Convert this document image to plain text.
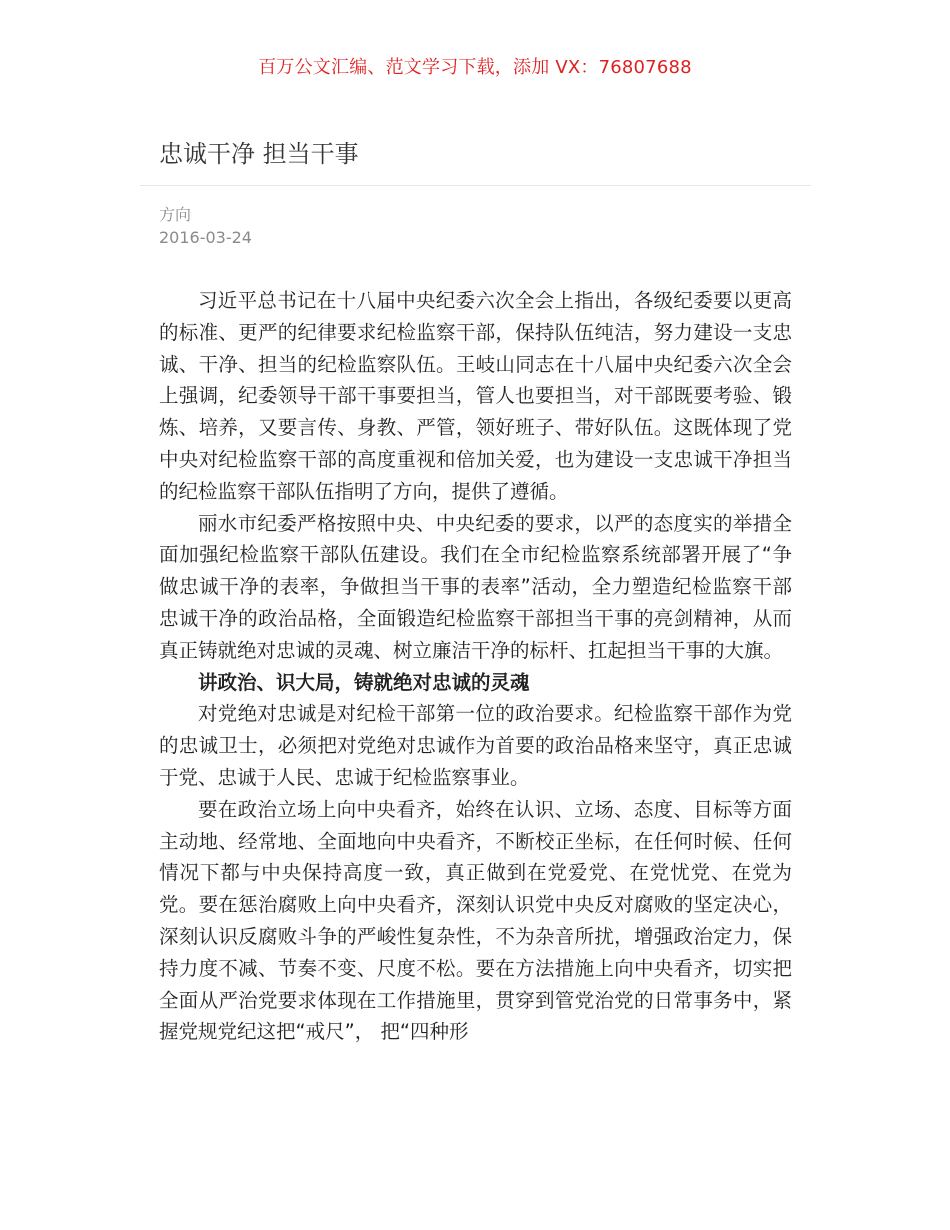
百万公文汇编、范文学习下载，添加 VX：76807688
忠诚干净 担当干事
方向
2016-03-24

习近平总书记在十八届中央纪委六次全会上指出，各级纪委要以更高的标准、更严的纪律要求纪检监察干部，保持队伍纯洁，努力建设一支忠诚、干净、担当的纪检监察队伍。王岐山同志在十八届中央纪委六次全会上强调，纪委领导干部干事要担当，管人也要担当，对干部既要考验、锻炼、培养，又要言传、身教、严管，领好班子、带好队伍。这既体现了党中央对纪检监察干部的高度重视和倍加关爱，也为建设一支忠诚干净担当的纪检监察干部队伍指明了方向，提供了遵循。

丽水市纪委严格按照中央、中央纪委的要求，以严的态度实的举措全面加强纪检监察干部队伍建设。我们在全市纪检监察系统部署开展了“争做忠诚干净的表率，争做担当干事的表率”活动，全力塑造纪检监察干部忠诚干净的政治品格，全面锻造纪检监察干部担当干事的亮剑精神，从而真正铸就绝对忠诚的灵魂、树立廉洁干净的标杆、扛起担当干事的大旗。

讲政治、识大局，铸就绝对忠诚的灵魂

对党绝对忠诚是对纪检干部第一位的政治要求。纪检监察干部作为党的忠诚卫士，必须把对党绝对忠诚作为首要的政治品格来坚守，真正忠诚于党、忠诚于人民、忠诚于纪检监察事业。

要在政治立场上向中央看齐，始终在认识、立场、态度、目标等方面主动地、经常地、全面地向中央看齐，不断校正坐标，在任何时候、任何情况下都与中央保持高度一致，真正做到在党爱党、在党忧党、在党为党。要在惩治腐败上向中央看齐，深刻认识党中央反对腐败的坚定决心，深刻认识反腐败斗争的严峻性复杂性，不为杂音所扰，增强政治定力，保持力度不减、节奏不变、尺度不松。要在方法措施上向中央看齐，切实把全面从严治党要求体现在工作措施里，贯穿到管党治党的日常事务中，紧握党规党纪这把“戒尺”， 把“四种形
